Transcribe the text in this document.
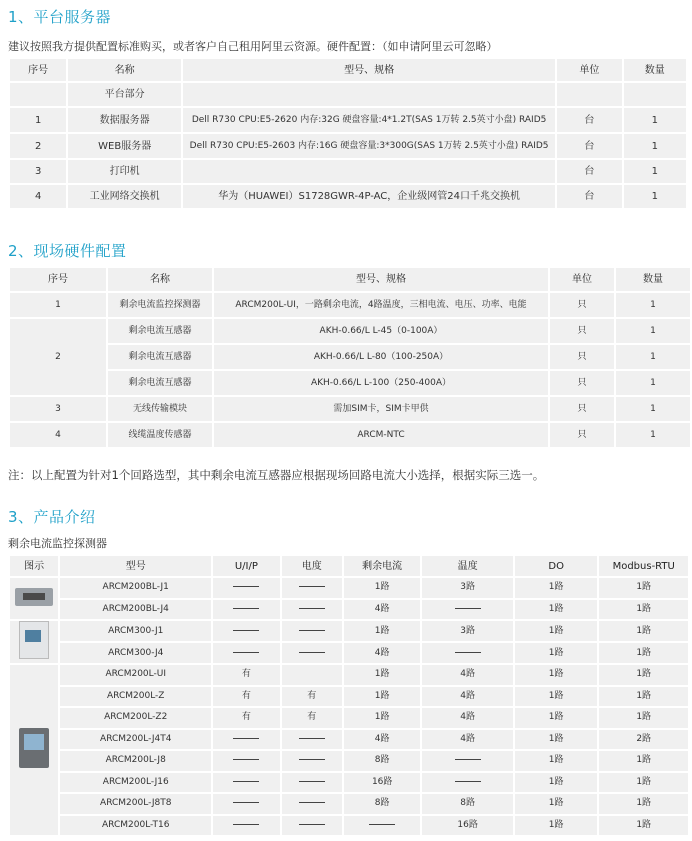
1、平台服务器

建议按照我方提供配置标准购买，或者客户自己租用阿里云资源。硬件配置：（如申请阿里云可忽略）

序号	名称	型号、规格	单位	数量
	平台部分			
1	数据服务器	Dell R730 CPU:E5-2620 内存:32G 硬盘容量:4*1.2T(SAS 1万转 2.5英寸小盘) RAID5	台	1
2	WEB服务器	Dell R730 CPU:E5-2603 内存:16G 硬盘容量:3*300G(SAS 1万转 2.5英寸小盘) RAID5	台	1
3	打印机		台	1
4	工业网络交换机	华为（HUAWEI）S1728GWR-4P-AC，企业级网管24口千兆交换机	台	1
2、现场硬件配置
序号	名称	型号、规格	单位	数量
1	剩余电流监控探测器	ARCM200L-UI，一路剩余电流，4路温度，三相电流、电压、功率、电能	只	1
2	剩余电流互感器	AKH-0.66/L L-45（0-100A）	只	1
	剩余电流互感器	AKH-0.66/L L-80（100-250A）	只	1
	剩余电流互感器	AKH-0.66/L L-100（250-400A）	只	1
3	无线传输模块	需加SIM卡，SIM卡甲供	只	1
4	线缆温度传感器	ARCM-NTC	只	1

注：以上配置为针对1个回路选型，其中剩余电流互感器应根据现场回路电流大小选择，根据实际三选一。

3、产品介绍

剩余电流监控探测器

图示	型号	U/I/P	电度	剩余电流	温度	DO	Modbus-RTU
	ARCM200BL-J1			1路	3路	1路	1路
	ARCM200BL-J4			4路		1路	1路
	ARCM300-J1			1路	3路	1路	1路
	ARCM300-J4			4路		1路	1路
	ARCM200L-UI	有		1路	4路	1路	1路
	ARCM200L-Z	有	有	1路	4路	1路	1路
	ARCM200L-Z2	有	有	1路	4路	1路	1路
	ARCM200L-J4T4			4路	4路	1路	2路
	ARCM200L-J8			8路		1路	1路
	ARCM200L-J16			16路		1路	1路
	ARCM200L-J8T8			8路	8路	1路	1路
	ARCM200L-T16				16路	1路	1路
